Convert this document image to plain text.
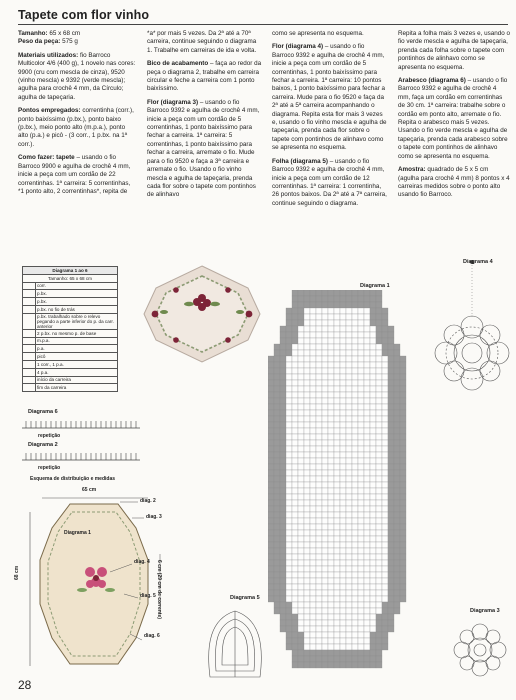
Tapete com flor vinho

Tamanho: 65 x 68 cm
Peso da peça: 575 g

Materiais utilizados: fio Barroco Multicolor 4/6 (400 g), 1 novelo nas cores: 9900 (cru com mescla de cinza), 9520 (vinho mescla) e 9392 (verde mescla); agulha para crochê 4 mm, da Círculo; agulha de tapeçaria.

Pontos empregados: correntinha (corr.), ponto baixíssimo (p.bx.), ponto baixo (p.bx.), meio ponto alto (m.p.a.), ponto alto (p.a.) e picô - (3 corr., 1 p.bx. na 1ª corr.).

Como fazer: tapete – usando o fio Barroco 9900 e agulha de crochê 4 mm, inicie a peça com um cordão de 22 correntinhas. 1ª carreira: 5 correntinhas, *1 ponto alto, 2 correntinhas*, repita de

*a* por mais 5 vezes. Da 2ª até a 70ª carreira, continue seguindo o diagrama 1. Trabalhe em carreiras de ida e volta.

Bico de acabamento – faça ao redor da peça o diagrama 2, trabalhe em carreira circular e feche a carreira com 1 ponto baixíssimo.

Flor (diagrama 3) – usando o fio Barroco 9392 e agulha de crochê 4 mm, inicie a peça com um cordão de 5 correntinhas, 1 ponto baixíssimo para fechar a carreira. 1ª carreira: 5 correntinhas, 1 ponto baixíssimo para fechar a carreira, arremate o fio. Mude para o fio 9520 e faça a 3ª carreira e arremate o fio. Usando o fio vinho mescla e agulha de tapeçaria, prenda cada flor sobre o tapete com pontinhos de alinhavo

como se apresenta no esquema.

Flor (diagrama 4) – usando o fio Barroco 9392 e agulha de crochê 4 mm, inicie a peça com um cordão de 5 correntinhas, 1 ponto baixíssimo para fechar a carreira. 1ª carreira: 10 pontos baixos, 1 ponto baixíssimo para fechar a carreira. Mude para o fio 9520 e faça da 2ª até a 5ª carreira acompanhando o diagrama. Repita esta flor mais 3 vezes e, usando o fio vinho mescla e agulha de tapeçaria, prenda cada flor sobre o tapete com pontinhos de alinhavo como se apresenta no esquema.

Folha (diagrama 5) – usando o fio Barroco 9392 e agulha de crochê 4 mm, inicie a peça com um cordão de 12 correntinhas. 1ª carreira: 1 correntinha, 26 pontos baixos. Da 2ª até a 7ª carreira, continue seguindo o diagrama.

Repita a folha mais 3 vezes e, usando o fio verde mescla e agulha de tapeçaria, prenda cada folha sobre o tapete com pontinhos de alinhavo como se apresenta no esquema.

Arabesco (diagrama 6) – usando o fio Barroco 9392 e agulha de crochê 4 mm, faça um cordão em correntinhas de 30 cm. 1ª carreira: trabalhe sobre o cordão em ponto alto, arremate o fio. Repita o arabesco mais 5 vezes. Usando o fio verde mescla e agulha de tapeçaria, prenda cada arabesco sobre o tapete com pontinhos de alinhavo como se apresenta no esquema.

Amostra: quadrado de 5 x 5 cm (agulha para crochê 4 mm) 8 pontos x 4 carreiras medidos sobre o ponto alto usando fio Barroco.

Diagrama 1 ao 6	
Tamanho: 65 x 68 cm	
	corr.
	p.bx.
	p.bx.
	p.bx. no fio de trás
	p.bx. trabalhado sobre o relevo pegando a parte inferior do p. da carr. anterior
	2 p.bx. no mesmo p. de base
	m.p.a.
	p.a.
	picô
	1 corr., 1 p.a.
	4 p.a.
	início da carreira
	fim da carreira
Diagrama 1
Diagrama 4
Diagrama 6
repetição
Diagrama 2
repetição
Esquema de distribuição e medidas
65 cm
68 cm
Diagrama 1
diag. 2
diag. 3
diag. 4
diag. 5
diag. 6
6 cm (29 cm de corrente)	Diagrama 5
Diagrama 3
28
